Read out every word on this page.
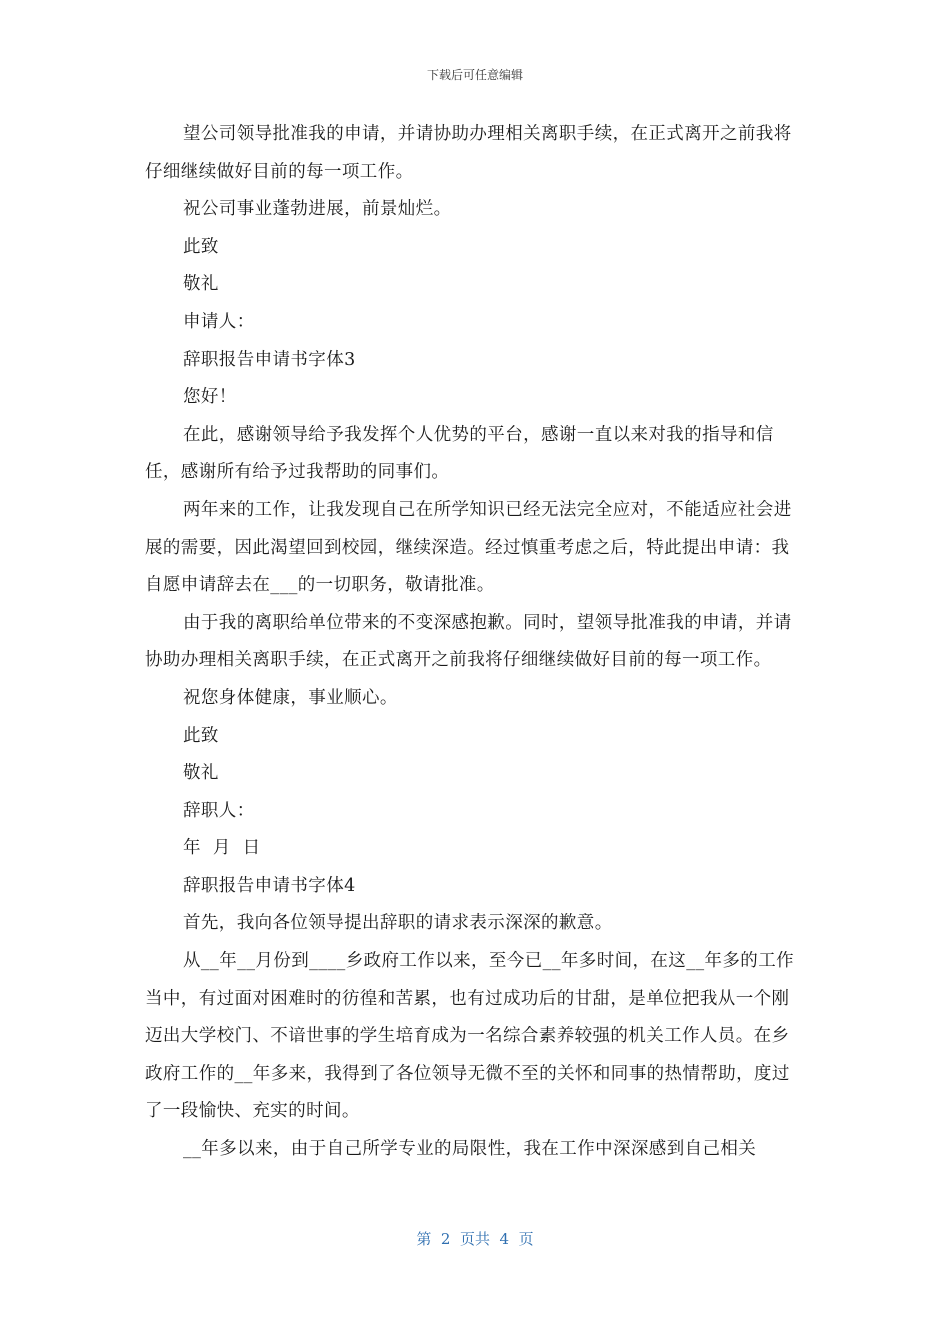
下载后可任意编辑

望公司领导批准我的申请，并请协助办理相关离职手续，在正式离开之前我将仔细继续做好目前的每一项工作。

祝公司事业蓬勃进展，前景灿烂。

此致

敬礼

申请人：

辞职报告申请书字体3

您好！

在此，感谢领导给予我发挥个人优势的平台，感谢一直以来对我的指导和信任，感谢所有给予过我帮助的同事们。

两年来的工作，让我发现自己在所学知识已经无法完全应对，不能适应社会进展的需要，因此渴望回到校园，继续深造。经过慎重考虑之后，特此提出申请：我自愿申请辞去在___的一切职务，敬请批准。

由于我的离职给单位带来的不变深感抱歉。同时，望领导批准我的申请，并请协助办理相关离职手续，在正式离开之前我将仔细继续做好目前的每一项工作。

祝您身体健康，事业顺心。

此致

敬礼

辞职人：

年  月  日

辞职报告申请书字体4

首先，我向各位领导提出辞职的请求表示深深的歉意。

从__年__月份到____乡政府工作以来，至今已__年多时间，在这__年多的工作当中，有过面对困难时的彷徨和苦累，也有过成功后的甘甜，是单位把我从一个刚迈出大学校门、不谙世事的学生培育成为一名综合素养较强的机关工作人员。在乡政府工作的__年多来，我得到了各位领导无微不至的关怀和同事的热情帮助，度过了一段愉快、充实的时间。

__年多以来，由于自己所学专业的局限性，我在工作中深深感到自己相关

第  2  页共  4  页
